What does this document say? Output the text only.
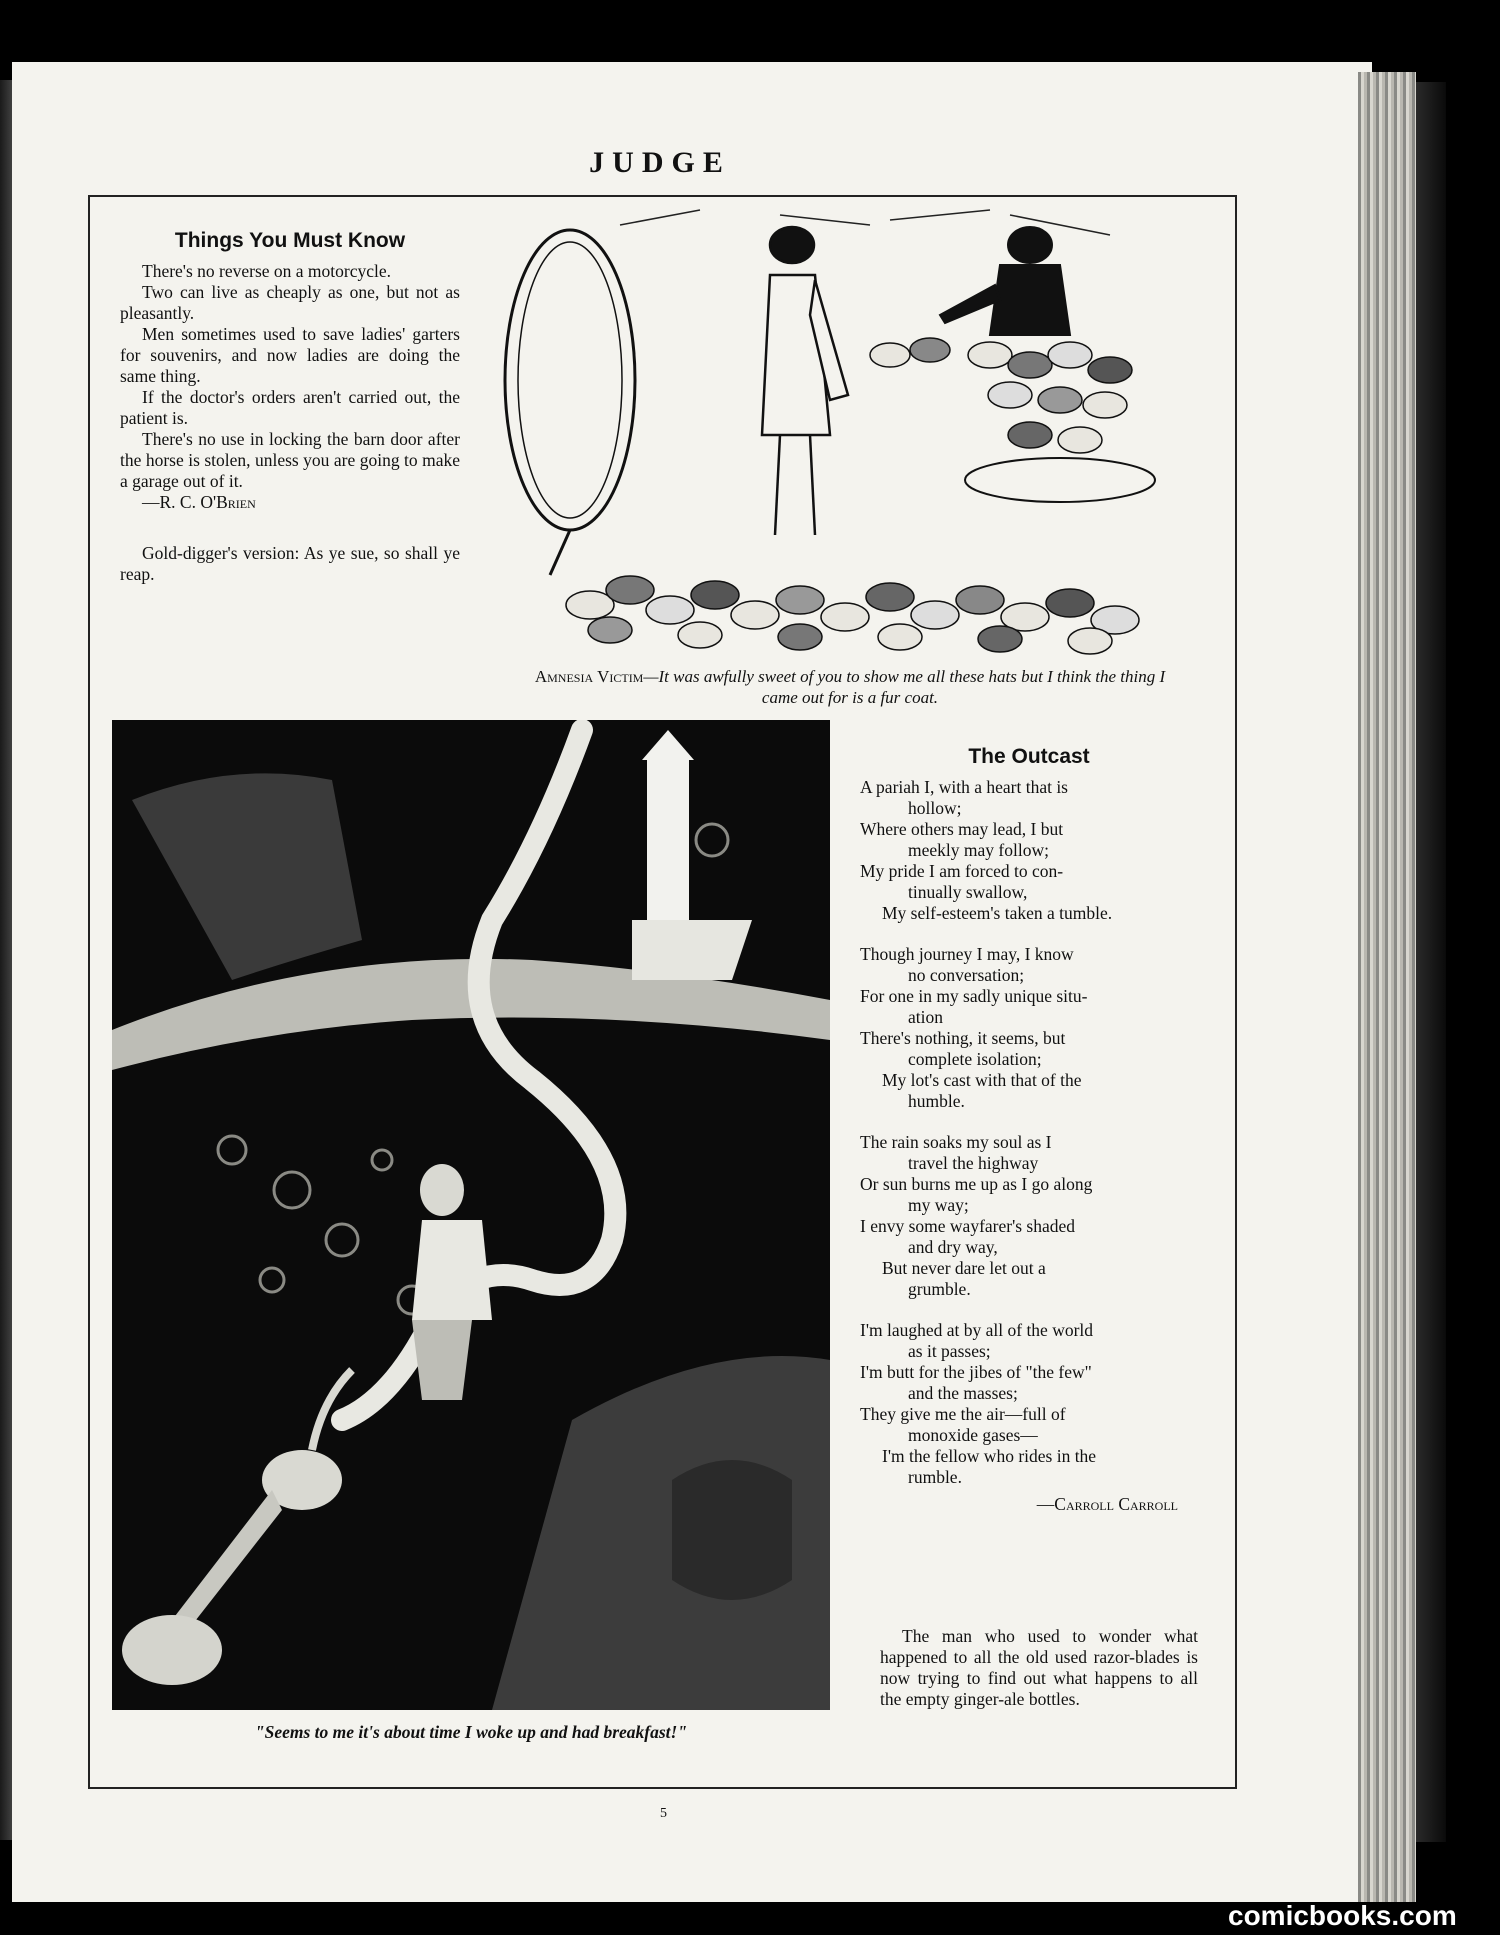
JUDGE
Things You Must Know

There's no reverse on a motorcycle.

Two can live as cheaply as one, but not as pleasantly.

Men sometimes used to save ladies' garters for souvenirs, and now ladies are doing the same thing.

If the doctor's orders aren't carried out, the patient is.

There's no use in locking the barn door after the horse is stolen, unless you are going to make a garage out of it.

—R. C. O'Brien

Gold-digger's version: As ye sue, so shall ye reap.

Amnesia Victim—It was awfully sweet of you to show me all these hats but I think the thing I came out for is a fur coat.
"Seems to me it's about time I woke up and had breakfast!"
The Outcast
A pariah I, with a heart that is
hollow;
Where others may lead, I but
meekly may follow;
My pride I am forced to con-
tinually swallow,
My self-esteem's taken a tumble.
Though journey I may, I know
no conversation;
For one in my sadly unique situ-
ation
There's nothing, it seems, but
complete isolation;
My lot's cast with that of the
humble.
The rain soaks my soul as I
travel the highway
Or sun burns me up as I go along
my way;
I envy some wayfarer's shaded
and dry way,
But never dare let out a
grumble.
I'm laughed at by all of the world
as it passes;
I'm butt for the jibes of "the few"
and the masses;
They give me the air—full of
monoxide gases—
I'm the fellow who rides in the
rumble.
—Carroll Carroll
The man who used to wonder what happened to all the old used razor-blades is now trying to find out what happens to all the empty ginger-ale bottles.
5
comicbooks.com
